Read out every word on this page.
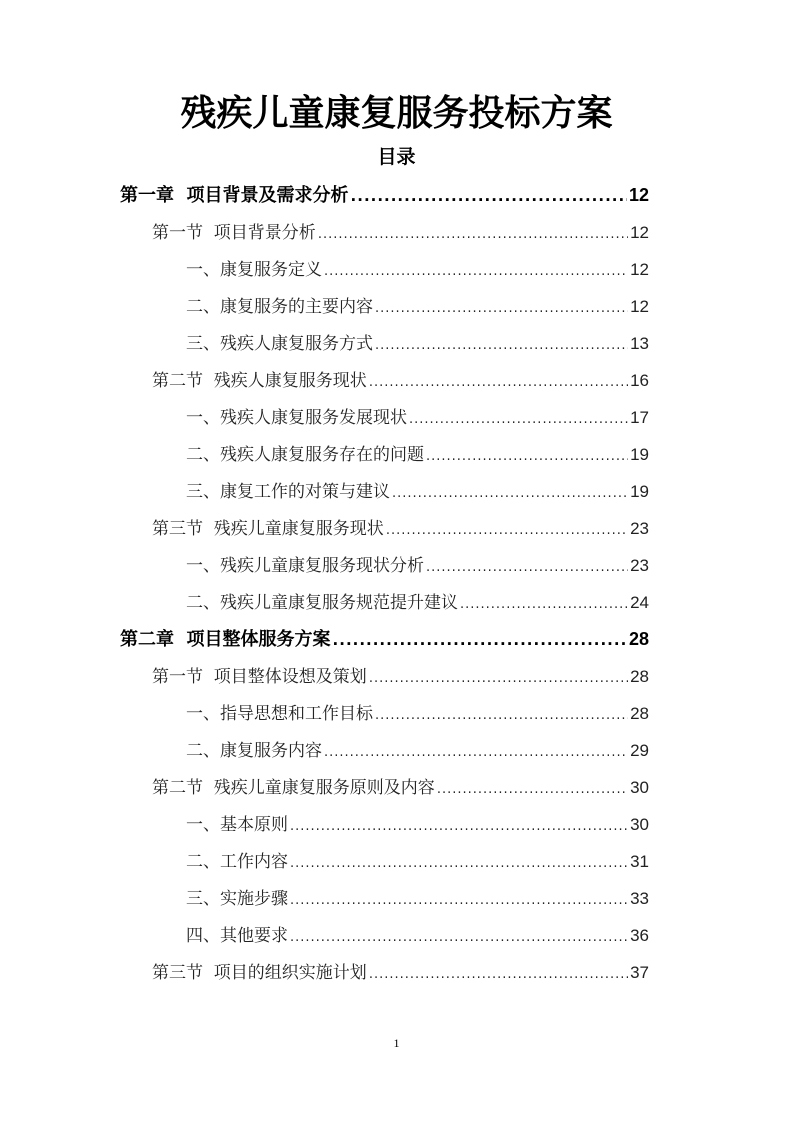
残疾儿童康复服务投标方案
目录
第一章  项目背景及需求分析 .....	12
第一节  项目背景分析 .....	12
一、康复服务定义 .....	12
二、康复服务的主要内容 .....	12
三、残疾人康复服务方式 .....	13
第二节  残疾人康复服务现状 .....	16
一、残疾人康复服务发展现状 .....	17
二、残疾人康复服务存在的问题 .....	19
三、康复工作的对策与建议 .....	19
第三节  残疾儿童康复服务现状 .....	23
一、残疾儿童康复服务现状分析 .....	23
二、残疾儿童康复服务规范提升建议 .....	24
第二章  项目整体服务方案 .....	28
第一节  项目整体设想及策划 .....	28
一、指导思想和工作目标 .....	28
二、康复服务内容 .....	29
第二节  残疾儿童康复服务原则及内容 .....	30
一、基本原则 .....	30
二、工作内容 .....	31
三、实施步骤 .....	33
四、其他要求 .....	36
第三节  项目的组织实施计划 .....	37
1
